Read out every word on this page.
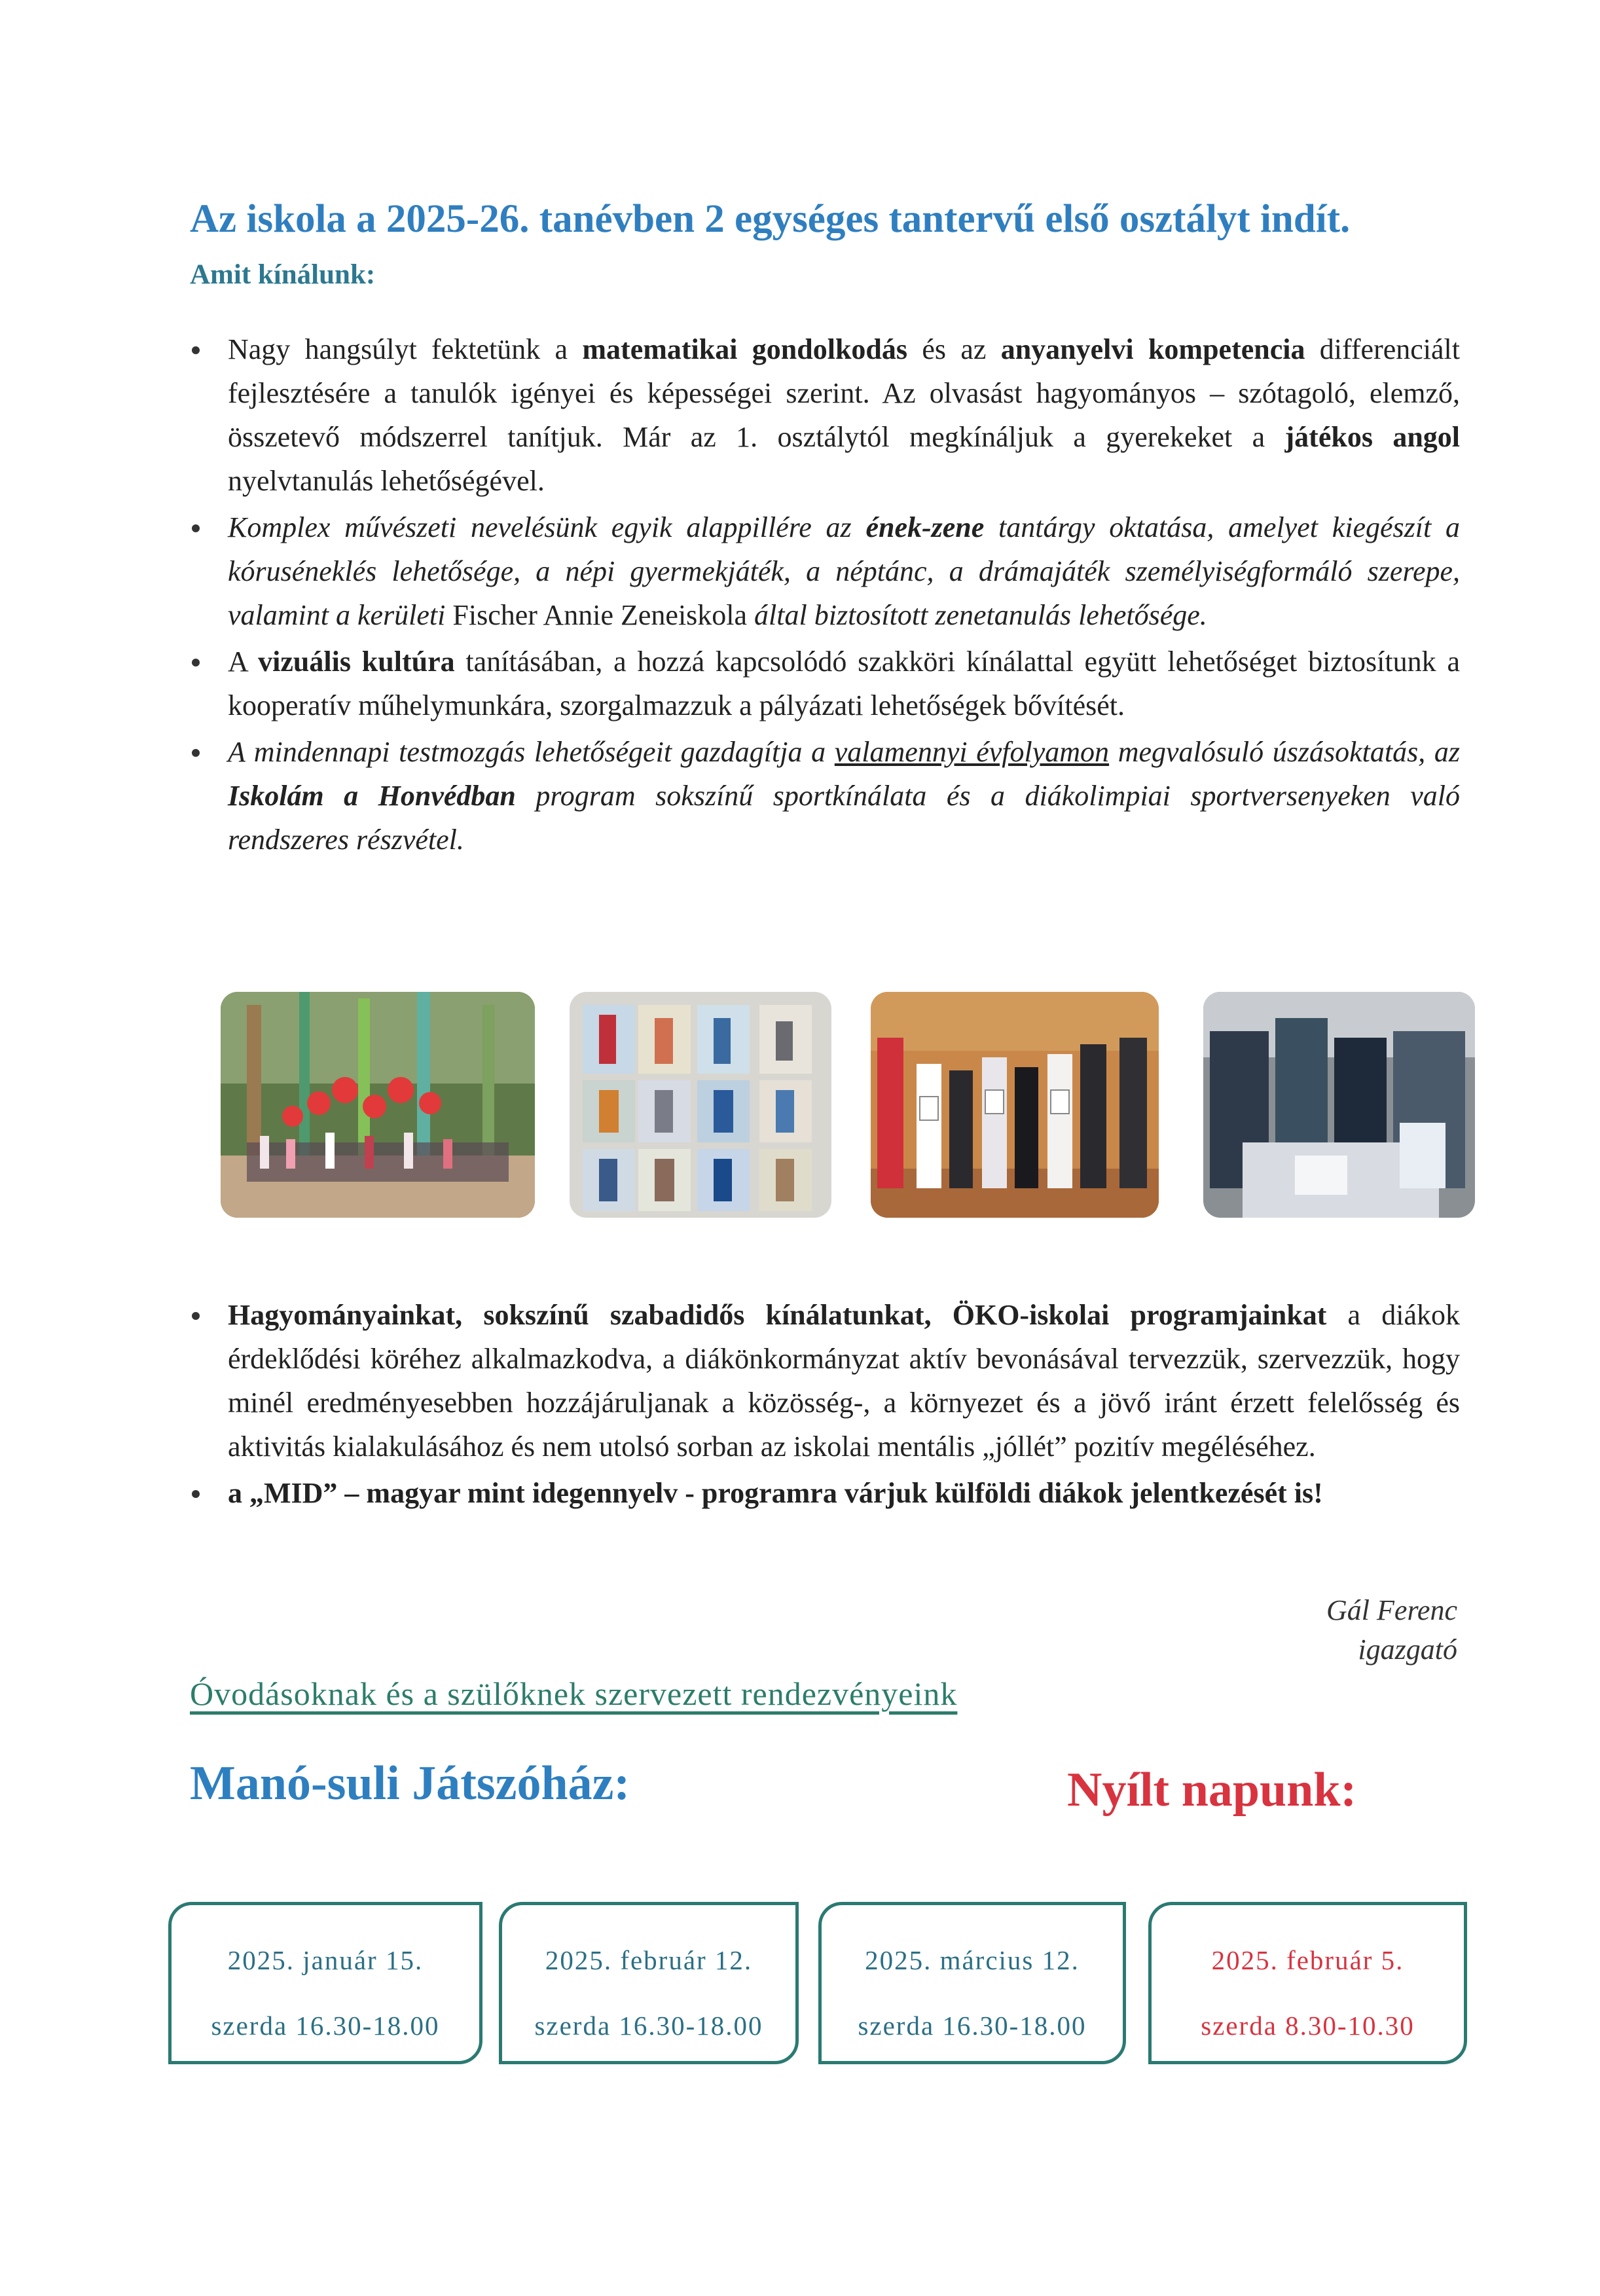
Az iskola a 2025-26. tanévben 2 egységes tantervű első osztályt indít.
Amit kínálunk:
Nagy hangsúlyt fektetünk a matematikai gondolkodás és az anyanyelvi kompetencia differenciált fejlesztésére a tanulók igényei és képességei szerint. Az olvasást hagyományos – szótagoló, elemző, összetevő módszerrel tanítjuk. Már az 1. osztálytól megkínáljuk a gyerekeket a játékos angol nyelvtanulás lehetőségével.
Komplex művészeti nevelésünk egyik alappillére az ének-zene tantárgy oktatása, amelyet kiegészít a kóruséneklés lehetősége, a népi gyermekjáték, a néptánc, a drámajáték személyiségformáló szerepe, valamint a kerületi Fischer Annie Zeneiskola által biztosított zenetanulás lehetősége.
A vizuális kultúra tanításában, a hozzá kapcsolódó szakköri kínálattal együtt lehetőséget biztosítunk a kooperatív műhelymunkára, szorgalmazzuk a pályázati lehetőségek bővítését.
A mindennapi testmozgás lehetőségeit gazdagítja a valamennyi évfolyamon megvalósuló úszásoktatás, az Iskolám a Honvédban program sokszínű sportkínálata és a diákolimpiai sportversenyeken való rendszeres részvétel.
Hagyományainkat, sokszínű szabadidős kínálatunkat, ÖKO-iskolai programjainkat a diákok érdeklődési köréhez alkalmazkodva, a diákönkormányzat aktív bevonásával tervezzük, szervezzük, hogy minél eredményesebben hozzájáruljanak a közösség-, a környezet és a jövő iránt érzett felelősség és aktivitás kialakulásához és nem utolsó sorban az iskolai mentális „jóllét” pozitív megéléséhez.
a „MID” – magyar mint idegennyelv - programra várjuk külföldi diákok jelentkezését is!
Gál Ferenc
igazgató
Óvodásoknak és a szülőknek szervezett rendezvényeink
Manó-suli Játszóház:	Nyílt napunk:
2025. január 15.
szerda 16.30-18.00
2025. február 12.
szerda 16.30-18.00
2025. március 12.
szerda 16.30-18.00
2025. február 5.
szerda 8.30-10.30
